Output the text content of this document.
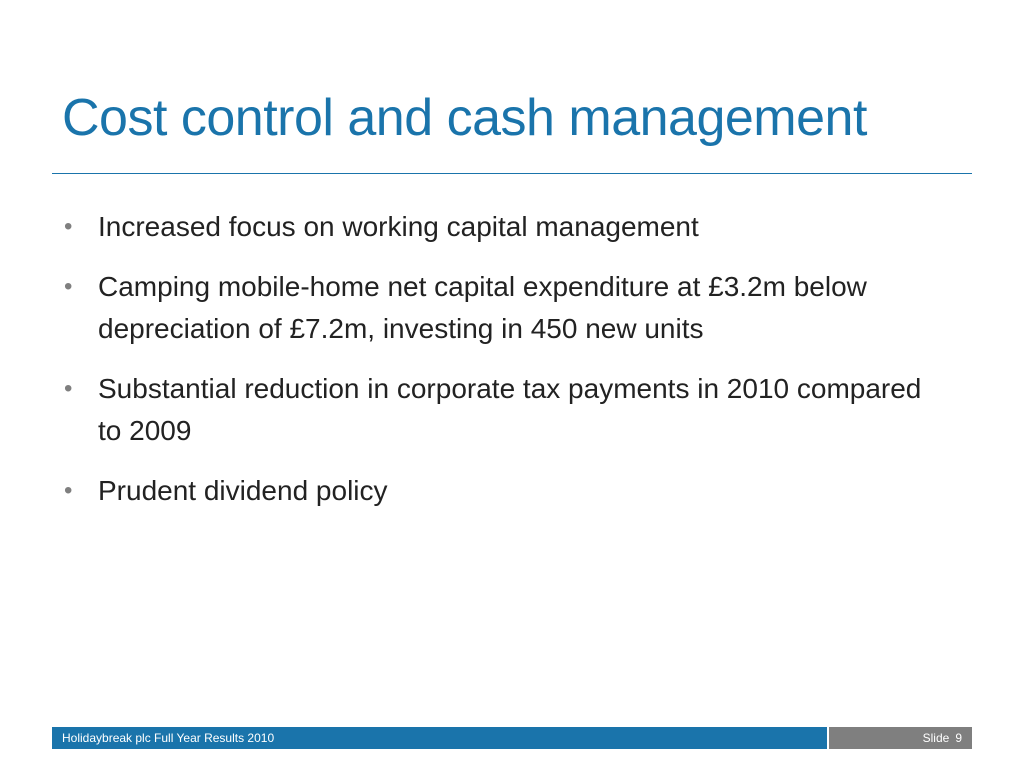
Cost control and cash management
• Increased focus on working capital management
• Camping mobile-home net capital expenditure at £3.2m below depreciation of £7.2m, investing in 450 new units
• Substantial reduction in corporate tax payments in 2010 compared to 2009
• Prudent dividend policy
Holidaybreak plc Full Year Results 2010	Slide 9
